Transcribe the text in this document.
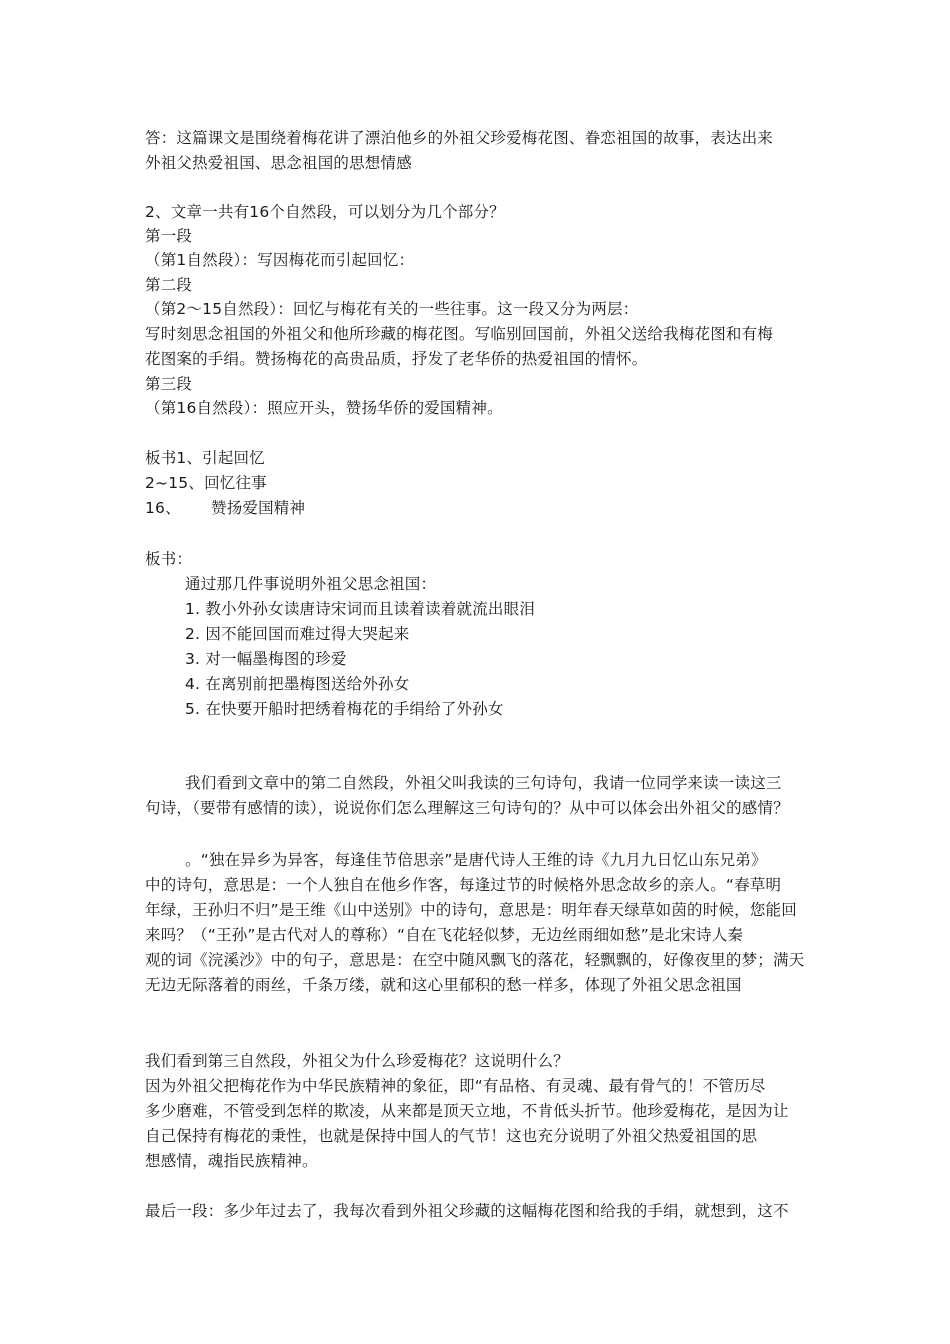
答：这篇课文是围绕着梅花讲了漂泊他乡的外祖父珍爱梅花图、眷恋祖国的故事，表达出来
外祖父热爱祖国、思念祖国的思想情感
2、文章一共有16个自然段，可以划分为几个部分？
第一段
（第1自然段）：写因梅花而引起回忆：
第二段
（第2～15自然段）：回忆与梅花有关的一些往事。这一段又分为两层：
写时刻思念祖国的外祖父和他所珍藏的梅花图。写临别回国前，外祖父送给我梅花图和有梅
花图案的手绢。赞扬梅花的高贵品质，抒发了老华侨的热爱祖国的情怀。
第三段
（第16自然段）：照应开头，赞扬华侨的爱国精神。
板书1、引起回忆
2~15、回忆往事
16、 赞扬爱国精神
板书：
通过那几件事说明外祖父思念祖国：
1. 教小外孙女读唐诗宋词而且读着读着就流出眼泪
2. 因不能回国而难过得大哭起来
3. 对一幅墨梅图的珍爱
4. 在离别前把墨梅图送给外孙女
5. 在快要开船时把绣着梅花的手绢给了外孙女
我们看到文章中的第二自然段，外祖父叫我读的三句诗句，我请一位同学来读一读这三
句诗，（要带有感情的读），说说你们怎么理解这三句诗句的？从中可以体会出外祖父的感情？
。“独在异乡为异客，每逢佳节倍思亲”是唐代诗人王维的诗《九月九日忆山东兄弟》
中的诗句，意思是：一个人独自在他乡作客，每逢过节的时候格外思念故乡的亲人。“春草明
年绿，王孙归不归”是王维《山中送别》中的诗句，意思是：明年春天绿草如茵的时候，您能回
来吗？（“王孙”是古代对人的尊称）“自在飞花轻似梦，无边丝雨细如愁”是北宋诗人秦
观的词《浣溪沙》中的句子，意思是：在空中随风飘飞的落花，轻飘飘的，好像夜里的梦；满天
无边无际落着的雨丝，千条万缕，就和这心里郁积的愁一样多，体现了外祖父思念祖国
我们看到第三自然段，外祖父为什么珍爱梅花？这说明什么？
因为外祖父把梅花作为中华民族精神的象征，即“有品格、有灵魂、最有骨气的！不管历尽
多少磨难，不管受到怎样的欺凌，从来都是顶天立地，不肯低头折节。他珍爱梅花，是因为让
自己保持有梅花的秉性，也就是保持中国人的气节！这也充分说明了外祖父热爱祖国的思
想感情，魂指民族精神。
最后一段：多少年过去了，我每次看到外祖父珍藏的这幅梅花图和给我的手绢，就想到，这不
